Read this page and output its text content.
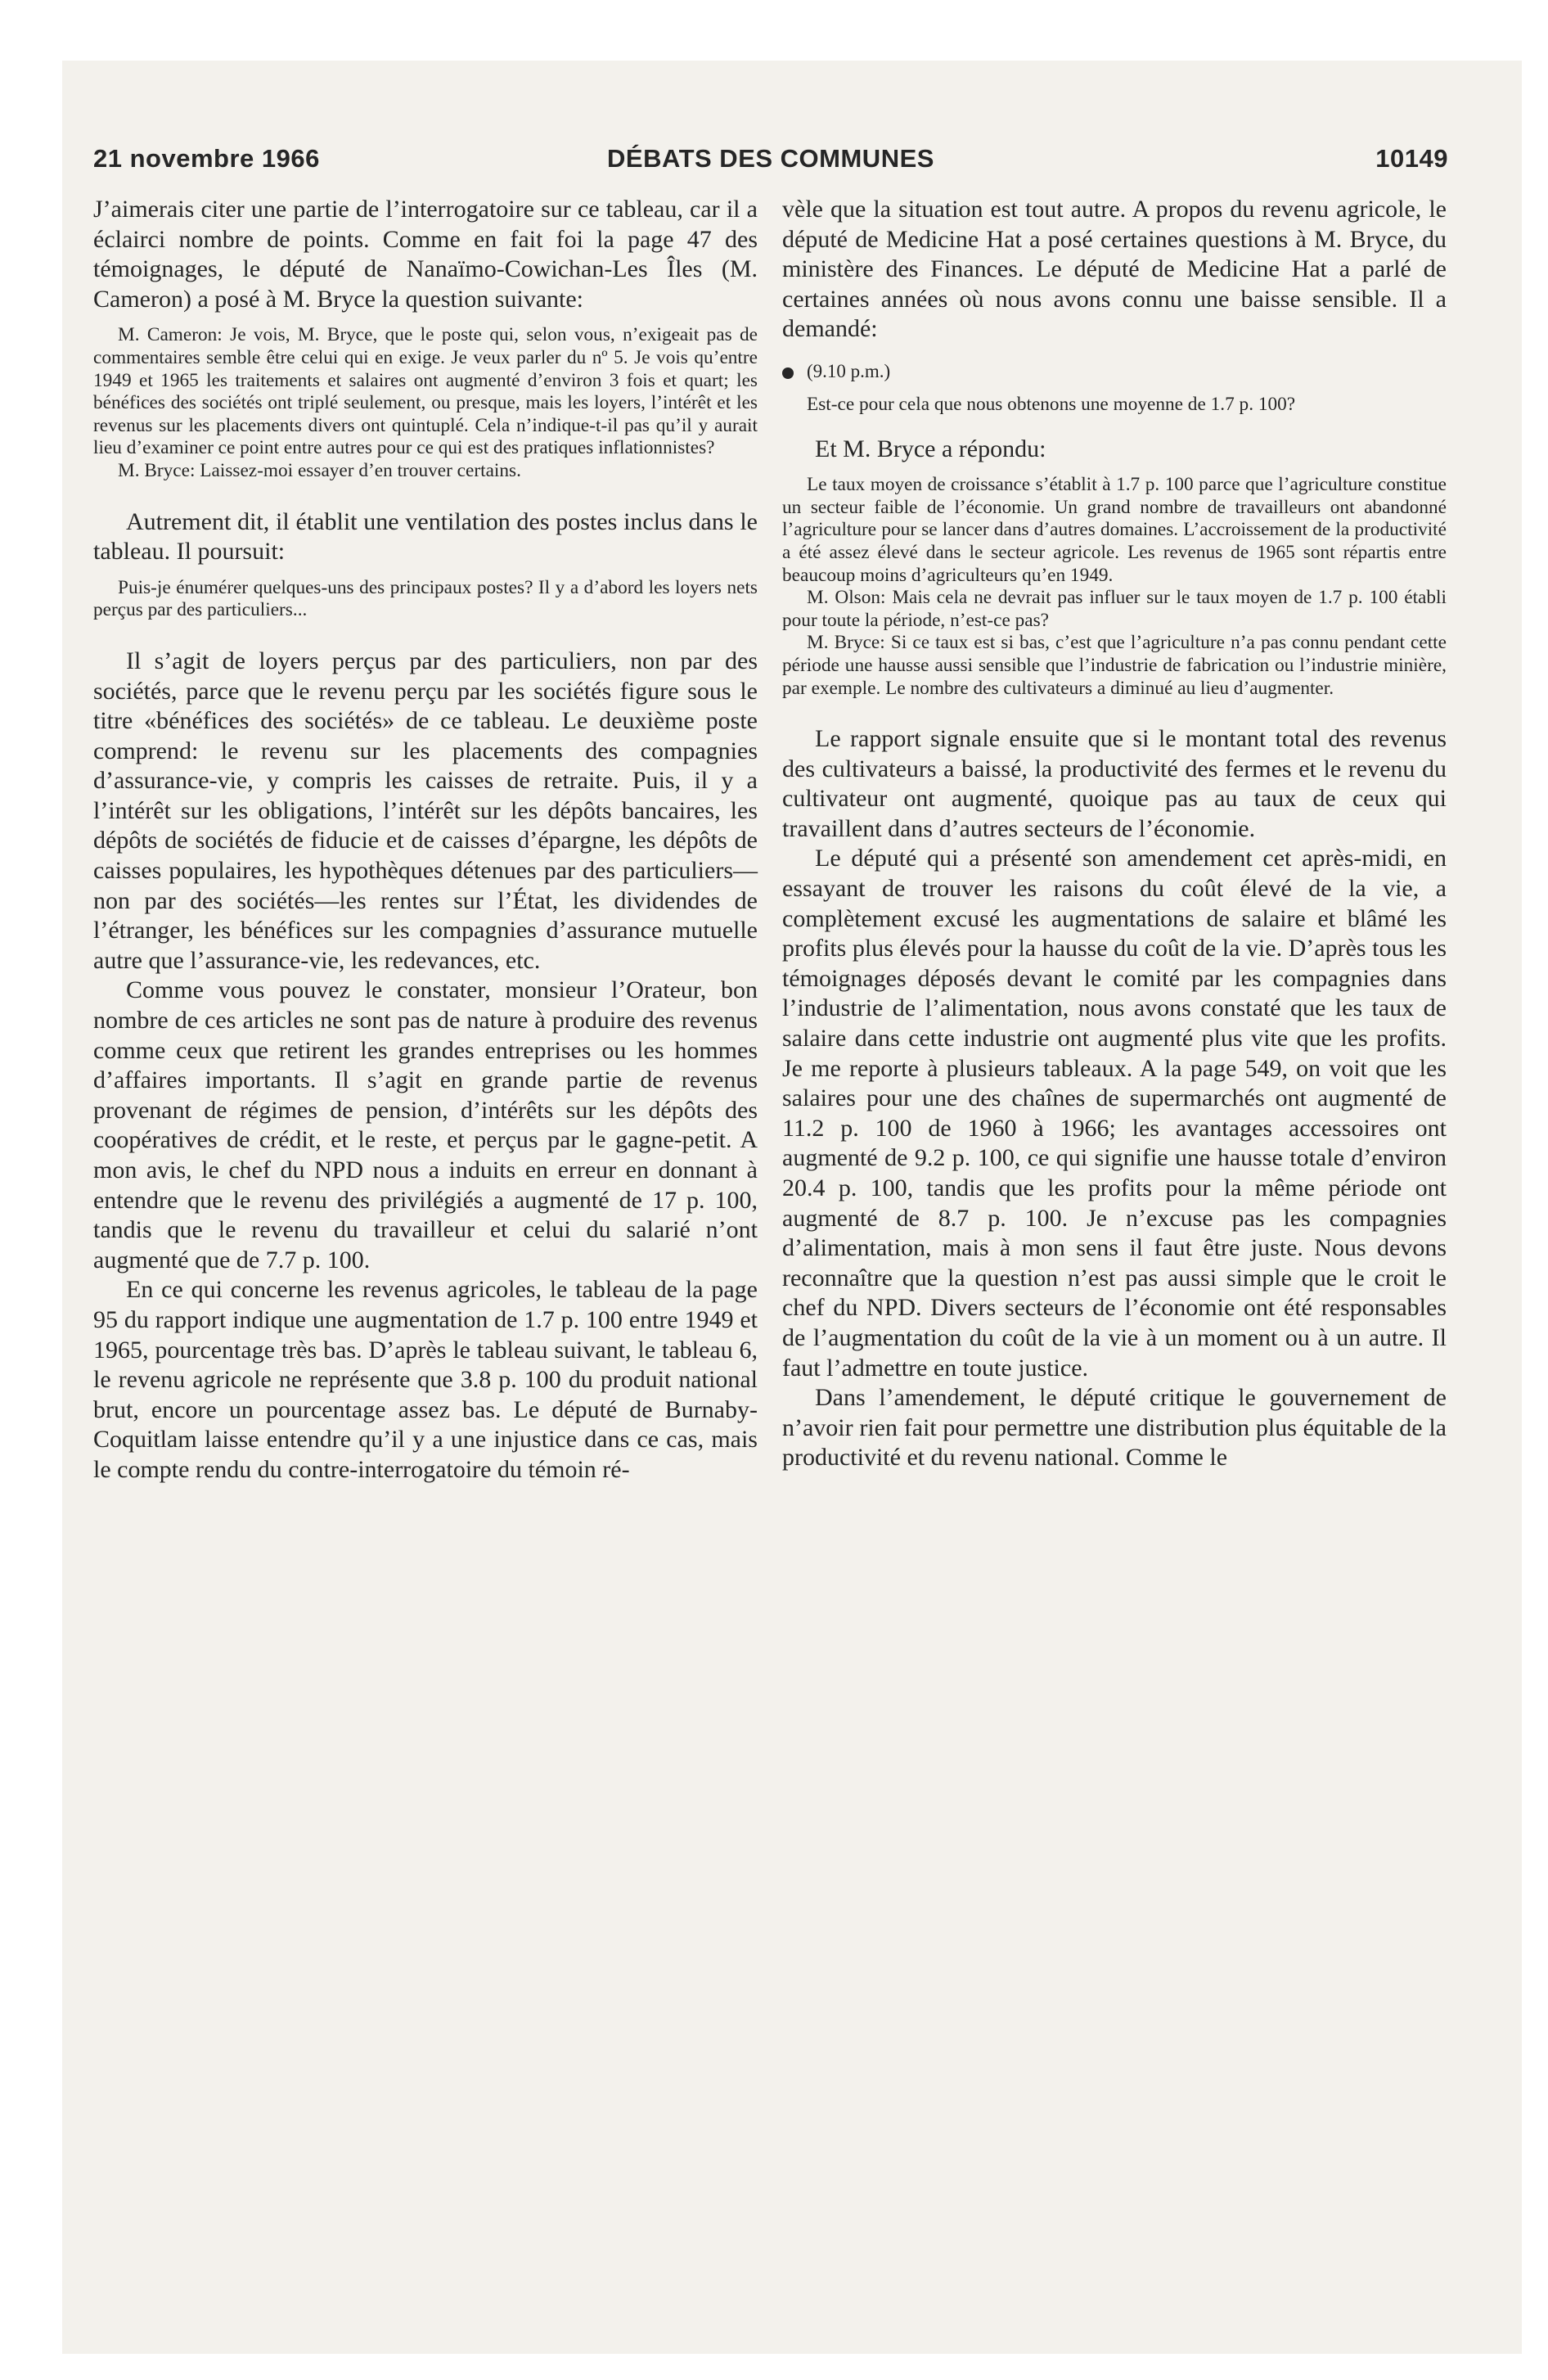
21 novembre 1966	DÉBATS DES COMMUNES	10149

J’aimerais citer une partie de l’interrogatoire sur ce tableau, car il a éclairci nombre de points. Comme en fait foi la page 47 des témoignages, le député de Nanaïmo-Cowichan-Les Îles (M. Cameron) a posé à M. Bryce la question suivante:

M. Cameron: Je vois, M. Bryce, que le poste qui, selon vous, n’exigeait pas de commentaires semble être celui qui en exige. Je veux parler du nº 5. Je vois qu’entre 1949 et 1965 les traitements et salaires ont augmenté d’environ 3 fois et quart; les bénéfices des sociétés ont triplé seulement, ou presque, mais les loyers, l’intérêt et les revenus sur les placements divers ont quintuplé. Cela n’indique-t-il pas qu’il y aurait lieu d’examiner ce point entre autres pour ce qui est des pratiques inflationnistes?

M. Bryce: Laissez-moi essayer d’en trouver certains.

Autrement dit, il établit une ventilation des postes inclus dans le tableau. Il poursuit:

Puis-je énumérer quelques-uns des principaux postes? Il y a d’abord les loyers nets perçus par des particuliers...

Il s’agit de loyers perçus par des particuliers, non par des sociétés, parce que le revenu perçu par les sociétés figure sous le titre «bénéfices des sociétés» de ce tableau. Le deuxième poste comprend: le revenu sur les placements des compagnies d’assurance-vie, y compris les caisses de retraite. Puis, il y a l’intérêt sur les obligations, l’intérêt sur les dépôts bancaires, les dépôts de sociétés de fiducie et de caisses d’épargne, les dépôts de caisses populaires, les hypothèques détenues par des particuliers—non par des sociétés—les rentes sur l’État, les dividendes de l’étranger, les bénéfices sur les compagnies d’assurance mutuelle autre que l’assurance-vie, les redevances, etc.

Comme vous pouvez le constater, monsieur l’Orateur, bon nombre de ces articles ne sont pas de nature à produire des revenus comme ceux que retirent les grandes entreprises ou les hommes d’affaires importants. Il s’agit en grande partie de revenus provenant de régimes de pension, d’intérêts sur les dépôts des coopératives de crédit, et le reste, et perçus par le gagne-petit. A mon avis, le chef du NPD nous a induits en erreur en donnant à entendre que le revenu des privilégiés a augmenté de 17 p. 100, tandis que le revenu du travailleur et celui du salarié n’ont augmenté que de 7.7 p. 100.

En ce qui concerne les revenus agricoles, le tableau de la page 95 du rapport indique une augmentation de 1.7 p. 100 entre 1949 et 1965, pourcentage très bas. D’après le tableau suivant, le tableau 6, le revenu agricole ne représente que 3.8 p. 100 du produit national brut, encore un pourcentage assez bas. Le député de Burnaby-Coquitlam laisse entendre qu’il y a une injustice dans ce cas, mais le compte rendu du contre-interrogatoire du témoin ré-

vèle que la situation est tout autre. A propos du revenu agricole, le député de Medicine Hat a posé certaines questions à M. Bryce, du ministère des Finances. Le député de Medicine Hat a parlé de certaines années où nous avons connu une baisse sensible. Il a demandé:

(9.10 p.m.)

Est-ce pour cela que nous obtenons une moyenne de 1.7 p. 100?

Et M. Bryce a répondu:

Le taux moyen de croissance s’établit à 1.7 p. 100 parce que l’agriculture constitue un secteur faible de l’économie. Un grand nombre de travailleurs ont abandonné l’agriculture pour se lancer dans d’autres domaines. L’accroissement de la productivité a été assez élevé dans le secteur agricole. Les revenus de 1965 sont répartis entre beaucoup moins d’agriculteurs qu’en 1949.

M. Olson: Mais cela ne devrait pas influer sur le taux moyen de 1.7 p. 100 établi pour toute la période, n’est-ce pas?

M. Bryce: Si ce taux est si bas, c’est que l’agriculture n’a pas connu pendant cette période une hausse aussi sensible que l’industrie de fabrication ou l’industrie minière, par exemple. Le nombre des cultivateurs a diminué au lieu d’augmenter.

Le rapport signale ensuite que si le montant total des revenus des cultivateurs a baissé, la productivité des fermes et le revenu du cultivateur ont augmenté, quoique pas au taux de ceux qui travaillent dans d’autres secteurs de l’économie.

Le député qui a présenté son amendement cet après-midi, en essayant de trouver les raisons du coût élevé de la vie, a complètement excusé les augmentations de salaire et blâmé les profits plus élevés pour la hausse du coût de la vie. D’après tous les témoignages déposés devant le comité par les compagnies dans l’industrie de l’alimentation, nous avons constaté que les taux de salaire dans cette industrie ont augmenté plus vite que les profits. Je me reporte à plusieurs tableaux. A la page 549, on voit que les salaires pour une des chaînes de supermarchés ont augmenté de 11.2 p. 100 de 1960 à 1966; les avantages accessoires ont augmenté de 9.2 p. 100, ce qui signifie une hausse totale d’environ 20.4 p. 100, tandis que les profits pour la même période ont augmenté de 8.7 p. 100. Je n’excuse pas les compagnies d’alimentation, mais à mon sens il faut être juste. Nous devons reconnaître que la question n’est pas aussi simple que le croit le chef du NPD. Divers secteurs de l’économie ont été responsables de l’augmentation du coût de la vie à un moment ou à un autre. Il faut l’admettre en toute justice.

Dans l’amendement, le député critique le gouvernement de n’avoir rien fait pour permettre une distribution plus équitable de la productivité et du revenu national. Comme le
